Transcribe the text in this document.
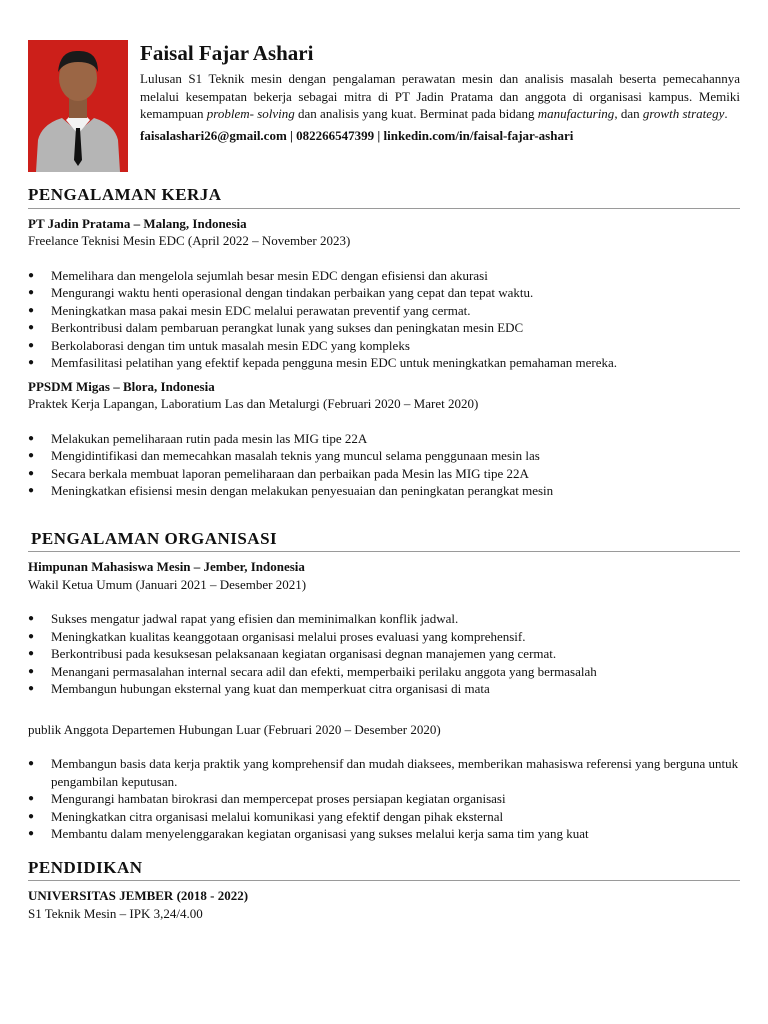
Faisal Fajar Ashari
Lulusan S1 Teknik mesin dengan pengalaman perawatan mesin dan analisis masalah beserta pemecahannya melalui kesempatan bekerja sebagai mitra di PT Jadin Pratama dan anggota di organisasi kampus. Memiki kemampuan problem- solving dan analisis yang kuat. Berminat pada bidang manufacturing, dan growth strategy.
faisalashari26@gmail.com | 082266547399 | linkedin.com/in/faisal-fajar-ashari
PENGALAMAN KERJA
PT Jadin Pratama – Malang, Indonesia
Freelance Teknisi Mesin EDC (April 2022 – November 2023)
● Memelihara dan mengelola sejumlah besar mesin EDC dengan efisiensi dan akurasi
● Mengurangi waktu henti operasional dengan tindakan perbaikan yang cepat dan tepat waktu.
● Meningkatkan masa pakai mesin EDC melalui perawatan preventif yang cermat.
● Berkontribusi dalam pembaruan perangkat lunak yang sukses dan peningkatan mesin EDC
● Berkolaborasi dengan tim untuk masalah mesin EDC yang kompleks
● Memfasilitasi pelatihan yang efektif kepada pengguna mesin EDC untuk meningkatkan pemahaman mereka.
PPSDM Migas – Blora, Indonesia
Praktek Kerja Lapangan, Laboratium Las dan Metalurgi (Februari 2020 – Maret 2020)
● Melakukan pemeliharaan rutin pada mesin las MIG tipe 22A
● Mengidintifikasi dan memecahkan masalah teknis yang muncul selama penggunaan mesin las
● Secara berkala membuat laporan pemeliharaan dan perbaikan pada Mesin las MIG tipe 22A
● Meningkatkan efisiensi mesin dengan melakukan penyesuaian dan peningkatan perangkat mesin
PENGALAMAN ORGANISASI
Himpunan Mahasiswa Mesin – Jember, Indonesia
Wakil Ketua Umum (Januari 2021 – Desember 2021)
● Sukses mengatur jadwal rapat yang efisien dan meminimalkan konflik jadwal.
● Meningkatkan kualitas keanggotaan organisasi melalui proses evaluasi yang komprehensif.
● Berkontribusi pada kesuksesan pelaksanaan kegiatan organisasi degnan manajemen yang cermat.
● Menangani permasalahan internal secara adil dan efekti, memperbaiki perilaku anggota yang bermasalah
● Membangun hubungan eksternal yang kuat dan memperkuat citra organisasi di mata
publik Anggota Departemen Hubungan Luar (Februari 2020 – Desember 2020)
● Membangun basis data kerja praktik yang komprehensif dan mudah diaksees, memberikan mahasiswa referensi yang berguna untuk pengambilan keputusan.
● Mengurangi hambatan birokrasi dan mempercepat proses persiapan kegiatan organisasi
● Meningkatkan citra organisasi melalui komunikasi yang efektif dengan pihak eksternal
● Membantu dalam menyelenggarakan kegiatan organisasi yang sukses melalui kerja sama tim yang kuat
PENDIDIKAN
UNIVERSITAS JEMBER (2018 - 2022)
S1 Teknik Mesin – IPK 3,24/4.00
